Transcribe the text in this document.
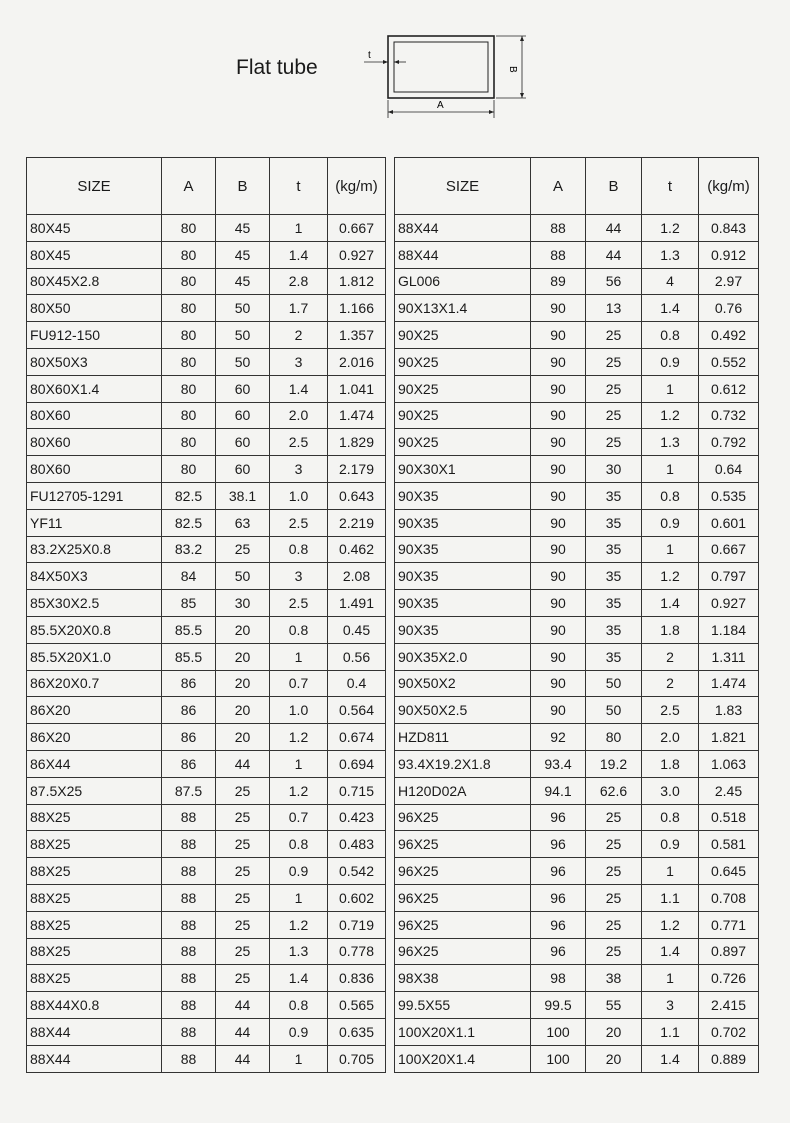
Flat tube
t
A
B
SIZE	A	B	t	(kg/m)
80X45	80	45	1	0.667
80X45	80	45	1.4	0.927
80X45X2.8	80	45	2.8	1.812
80X50	80	50	1.7	1.166
FU912-150	80	50	2	1.357
80X50X3	80	50	3	2.016
80X60X1.4	80	60	1.4	1.041
80X60	80	60	2.0	1.474
80X60	80	60	2.5	1.829
80X60	80	60	3	2.179
FU12705-1291	82.5	38.1	1.0	0.643
YF11	82.5	63	2.5	2.219
83.2X25X0.8	83.2	25	0.8	0.462
84X50X3	84	50	3	2.08
85X30X2.5	85	30	2.5	1.491
85.5X20X0.8	85.5	20	0.8	0.45
85.5X20X1.0	85.5	20	1	0.56
86X20X0.7	86	20	0.7	0.4
86X20	86	20	1.0	0.564
86X20	86	20	1.2	0.674
86X44	86	44	1	0.694
87.5X25	87.5	25	1.2	0.715
88X25	88	25	0.7	0.423
88X25	88	25	0.8	0.483
88X25	88	25	0.9	0.542
88X25	88	25	1	0.602
88X25	88	25	1.2	0.719
88X25	88	25	1.3	0.778
88X25	88	25	1.4	0.836
88X44X0.8	88	44	0.8	0.565
88X44	88	44	0.9	0.635
88X44	88	44	1	0.705
SIZE	A	B	t	(kg/m)
88X44	88	44	1.2	0.843
88X44	88	44	1.3	0.912
GL006	89	56	4	2.97
90X13X1.4	90	13	1.4	0.76
90X25	90	25	0.8	0.492
90X25	90	25	0.9	0.552
90X25	90	25	1	0.612
90X25	90	25	1.2	0.732
90X25	90	25	1.3	0.792
90X30X1	90	30	1	0.64
90X35	90	35	0.8	0.535
90X35	90	35	0.9	0.601
90X35	90	35	1	0.667
90X35	90	35	1.2	0.797
90X35	90	35	1.4	0.927
90X35	90	35	1.8	1.184
90X35X2.0	90	35	2	1.311
90X50X2	90	50	2	1.474
90X50X2.5	90	50	2.5	1.83
HZD811	92	80	2.0	1.821
93.4X19.2X1.8	93.4	19.2	1.8	1.063
H120D02A	94.1	62.6	3.0	2.45
96X25	96	25	0.8	0.518
96X25	96	25	0.9	0.581
96X25	96	25	1	0.645
96X25	96	25	1.1	0.708
96X25	96	25	1.2	0.771
96X25	96	25	1.4	0.897
98X38	98	38	1	0.726
99.5X55	99.5	55	3	2.415
100X20X1.1	100	20	1.1	0.702
100X20X1.4	100	20	1.4	0.889
